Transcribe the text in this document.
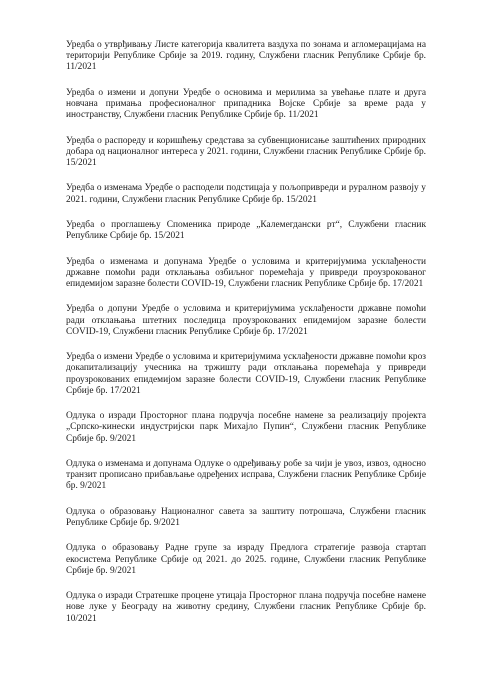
Уредба о утврђивању Листе категорија квалитета ваздуха по зонама и агломерацијама на територији Републике Србије за 2019. годину, Службени гласник Републике Србије бр. 11/2021

Уредба о измени и допуни Уредбе о основима и мерилима за увећање плате и друга новчана примања професионалног припадника Војске Србије за време рада у иностранству, Службени гласник Републике Србије бр. 11/2021

Уредба о распореду и коришћењу средстава за субвенционисање заштићених природних добара од националног интереса у 2021. години, Службени гласник Републике Србије бр. 15/2021

Уредба о изменама Уредбе о расподели подстицаја у пољопривреди и руралном развоју у 2021. години, Службени гласник Републике Србије бр. 15/2021

Уредба о проглашењу Споменика природе „Калемегдански рт“, Службени гласник Републике Србије бр. 15/2021

Уредба о изменама и допунама Уредбе о условима и критеријумима усклађености државне помоћи ради отклањања озбиљног поремећаја у привреди проузрокованог епидемијом заразне болести COVID-19, Службени гласник Републике Србије бр. 17/2021

Уредба о допуни Уредбе о условима и критеријумима усклађености државне помоћи ради отклањања штетних последица проузрокованих епидемијом заразне болести COVID-19, Службени гласник Републике Србије бр. 17/2021

Уредба о измени Уредбе о условима и критеријумима усклађености државне помоћи кроз докапитализацију учесника на тржишту ради отклањања поремећаја у привреди проузрокованих епидемијом заразне болести COVID-19, Службени гласник Републике Србије бр. 17/2021

Одлука о изради Просторног плана подручја посебне намене за реализацију пројекта „Српско-кинески индустријски парк Михајло Пупин“, Службени гласник Републике Србије бр. 9/2021

Одлука о изменама и допунама Одлуке о одређивању робе за чији је увоз, извоз, односно транзит прописано прибављање одређених исправа, Службени гласник Републике Србије бр. 9/2021

Одлука о образовању Националног савета за заштиту потрошача, Службени гласник Републике Србије бр. 9/2021

Одлука о образовању Радне групе за израду Предлога стратегије развоја стартап екосистема Републике Србије од 2021. до 2025. године, Службени гласник Републике Србије бр. 9/2021

Одлука о изради Стратешке процене утицаја Просторног плана подручја посебне намене нове луке у Београду на животну средину, Службени гласник Републике Србије бр. 10/2021
